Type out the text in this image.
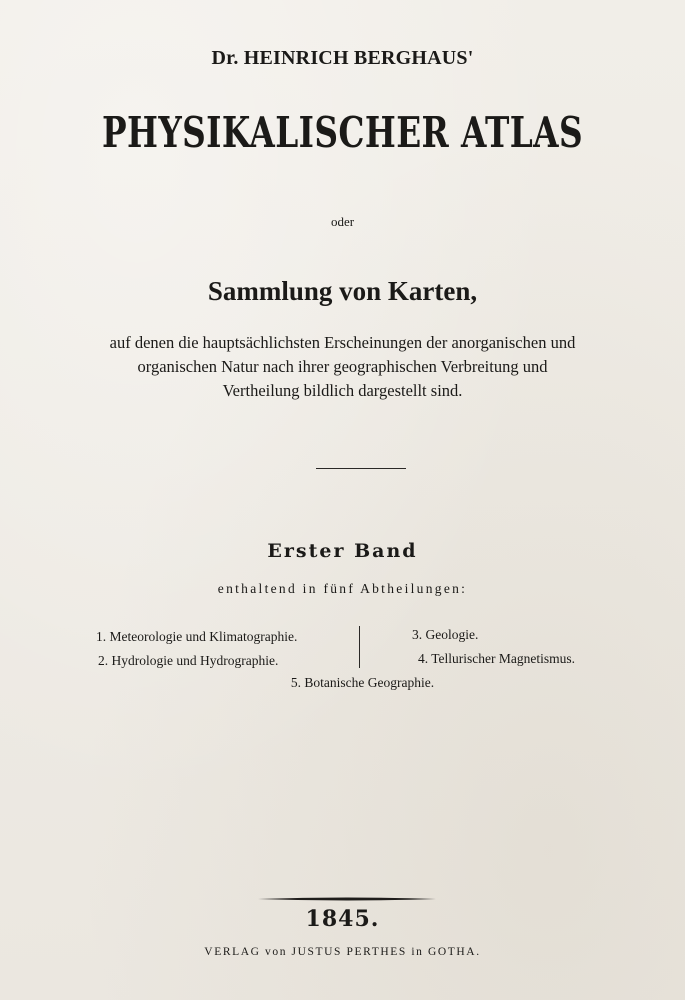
Dr. HEINRICH BERGHAUS'
PHYSIKALISCHER ATLAS
oder
Sammlung von Karten,
auf denen die hauptsächlichsten Erscheinungen der anorganischen und
organischen Natur nach ihrer geographischen Verbreitung und
Vertheilung bildlich dargestellt sind.
Erster Band
enthaltend in fünf Abtheilungen:
1. Meteorologie und Klimatographie.
2. Hydrologie und Hydrographie.
3. Geologie.
4. Tellurischer Magnetismus.
5. Botanische Geographie.
1845.
VERLAG von JUSTUS PERTHES in GOTHA.
